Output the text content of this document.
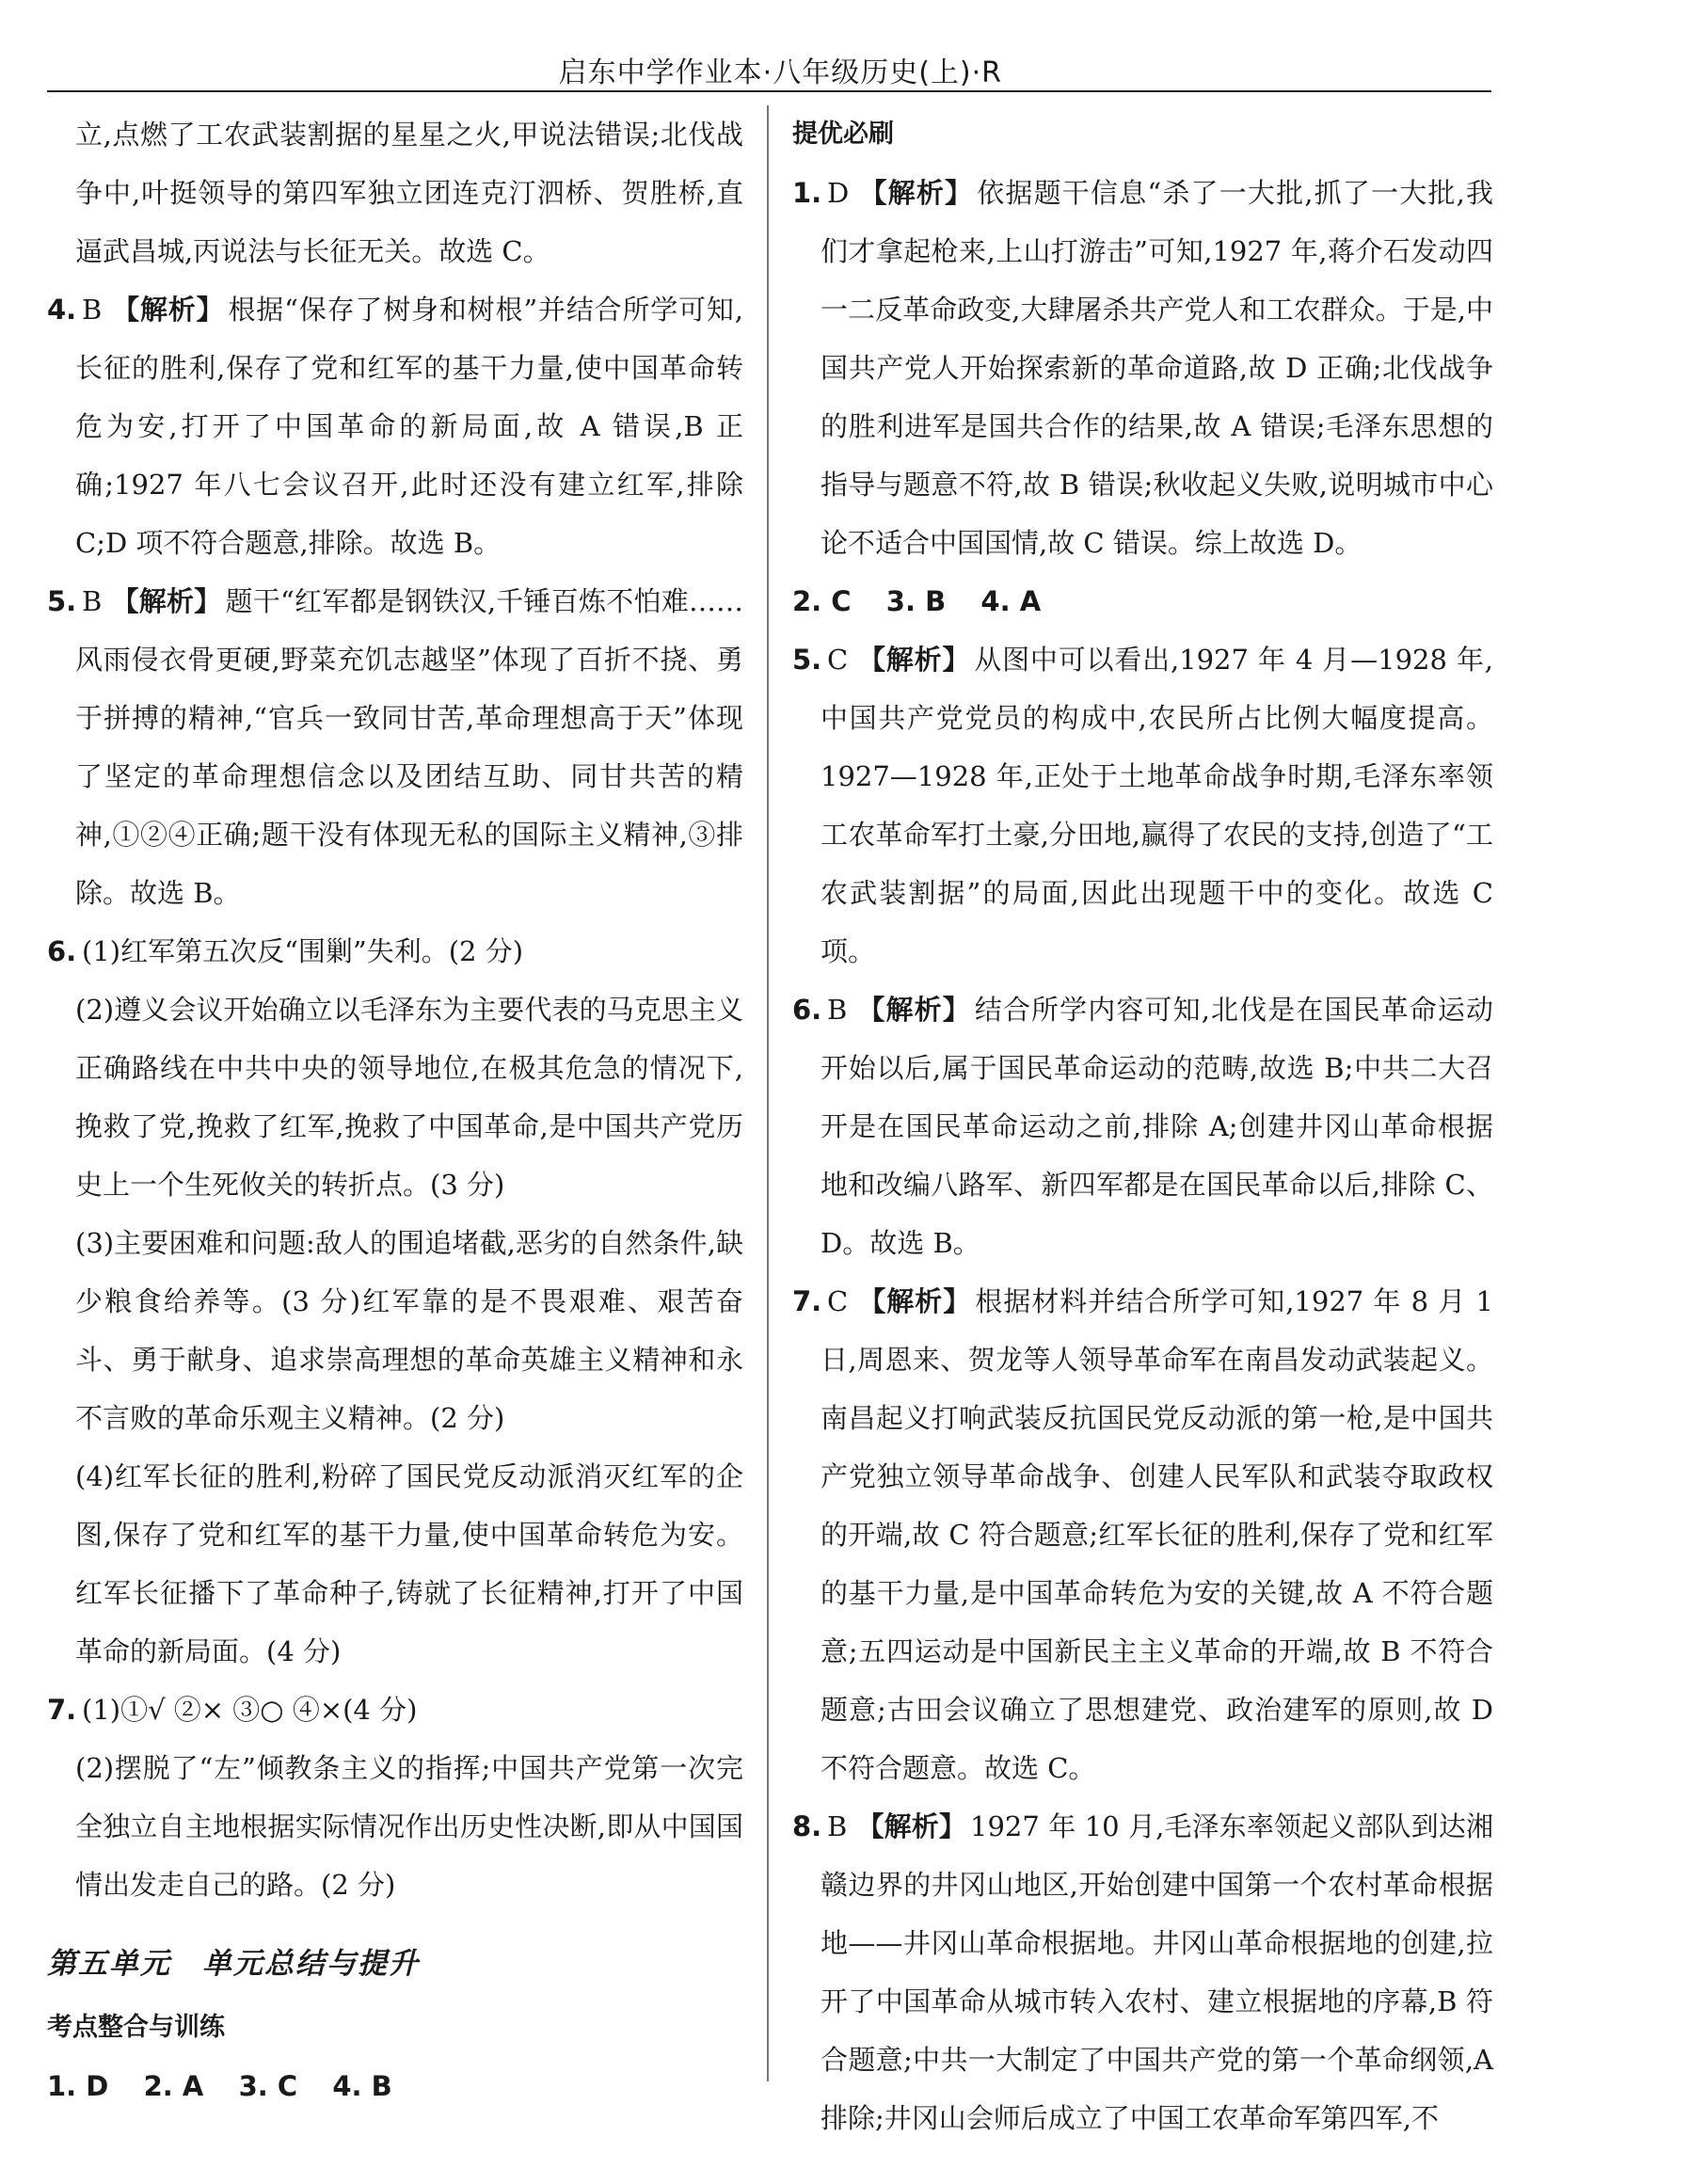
启东中学作业本·八年级历史(上)·R

立,点燃了工农武装割据的星星之火,甲说法错误;北伐战争中,叶挺领导的第四军独立团连克汀泗桥、贺胜桥,直逼武昌城,丙说法与长征无关。故选 C。

4.  B 【解析】 根据“保存了树身和树根”并结合所学可知,长征的胜利,保存了党和红军的基干力量,使中国革命转危为安,打开了中国革命的新局面,故 A 错误,B 正确;1927 年八七会议召开,此时还没有建立红军,排除 C;D 项不符合题意,排除。故选 B。

5.  B 【解析】 题干“红军都是钢铁汉,千锤百炼不怕难……风雨侵衣骨更硬,野菜充饥志越坚”体现了百折不挠、勇于拼搏的精神,“官兵一致同甘苦,革命理想高于天”体现了坚定的革命理想信念以及团结互助、同甘共苦的精神,①②④正确;题干没有体现无私的国际主义精神,③排除。故选 B。

6.  (1)红军第五次反“围剿”失利。(2 分)

(2)遵义会议开始确立以毛泽东为主要代表的马克思主义正确路线在中共中央的领导地位,在极其危急的情况下,挽救了党,挽救了红军,挽救了中国革命,是中国共产党历史上一个生死攸关的转折点。(3 分)

(3)主要困难和问题:敌人的围追堵截,恶劣的自然条件,缺少粮食给养等。(3 分)红军靠的是不畏艰难、艰苦奋斗、勇于献身、追求崇高理想的革命英雄主义精神和永不言败的革命乐观主义精神。(2 分)

(4)红军长征的胜利,粉碎了国民党反动派消灭红军的企图,保存了党和红军的基干力量,使中国革命转危为安。红军长征播下了革命种子,铸就了长征精神,打开了中国革命的新局面。(4 分)

7.  (1)①√ ②× ③○ ④×(4 分)

(2)摆脱了“左”倾教条主义的指挥;中国共产党第一次完全独立自主地根据实际情况作出历史性决断,即从中国国情出发走自己的路。(2 分)

第五单元　单元总结与提升

考点整合与训练

1. D 2. A 3. C 4. B

提优必刷

1.  D 【解析】 依据题干信息“杀了一大批,抓了一大批,我们才拿起枪来,上山打游击”可知,1927 年,蒋介石发动四一二反革命政变,大肆屠杀共产党人和工农群众。于是,中国共产党人开始探索新的革命道路,故 D 正确;北伐战争的胜利进军是国共合作的结果,故 A 错误;毛泽东思想的指导与题意不符,故 B 错误;秋收起义失败,说明城市中心论不适合中国国情,故 C 错误。综上故选 D。

2. C 3. B 4. A

5.  C 【解析】 从图中可以看出,1927 年 4 月—1928 年,中国共产党党员的构成中,农民所占比例大幅度提高。1927—1928 年,正处于土地革命战争时期,毛泽东率领工农革命军打土豪,分田地,赢得了农民的支持,创造了“工农武装割据”的局面,因此出现题干中的变化。故选 C 项。

6.  B 【解析】 结合所学内容可知,北伐是在国民革命运动开始以后,属于国民革命运动的范畴,故选 B;中共二大召开是在国民革命运动之前,排除 A;创建井冈山革命根据地和改编八路军、新四军都是在国民革命以后,排除 C、D。故选 B。

7.  C 【解析】 根据材料并结合所学可知,1927 年 8 月 1 日,周恩来、贺龙等人领导革命军在南昌发动武装起义。南昌起义打响武装反抗国民党反动派的第一枪,是中国共产党独立领导革命战争、创建人民军队和武装夺取政权的开端,故 C 符合题意;红军长征的胜利,保存了党和红军的基干力量,是中国革命转危为安的关键,故 A 不符合题意;五四运动是中国新民主主义革命的开端,故 B 不符合题意;古田会议确立了思想建党、政治建军的原则,故 D 不符合题意。故选 C。

8.  B 【解析】 1927 年 10 月,毛泽东率领起义部队到达湘赣边界的井冈山地区,开始创建中国第一个农村革命根据地——井冈山革命根据地。井冈山革命根据地的创建,拉开了中国革命从城市转入农村、建立根据地的序幕,B 符合题意;中共一大制定了中国共产党的第一个革命纲领,A 排除;井冈山会师后成立了中国工农革命军第四军,不
